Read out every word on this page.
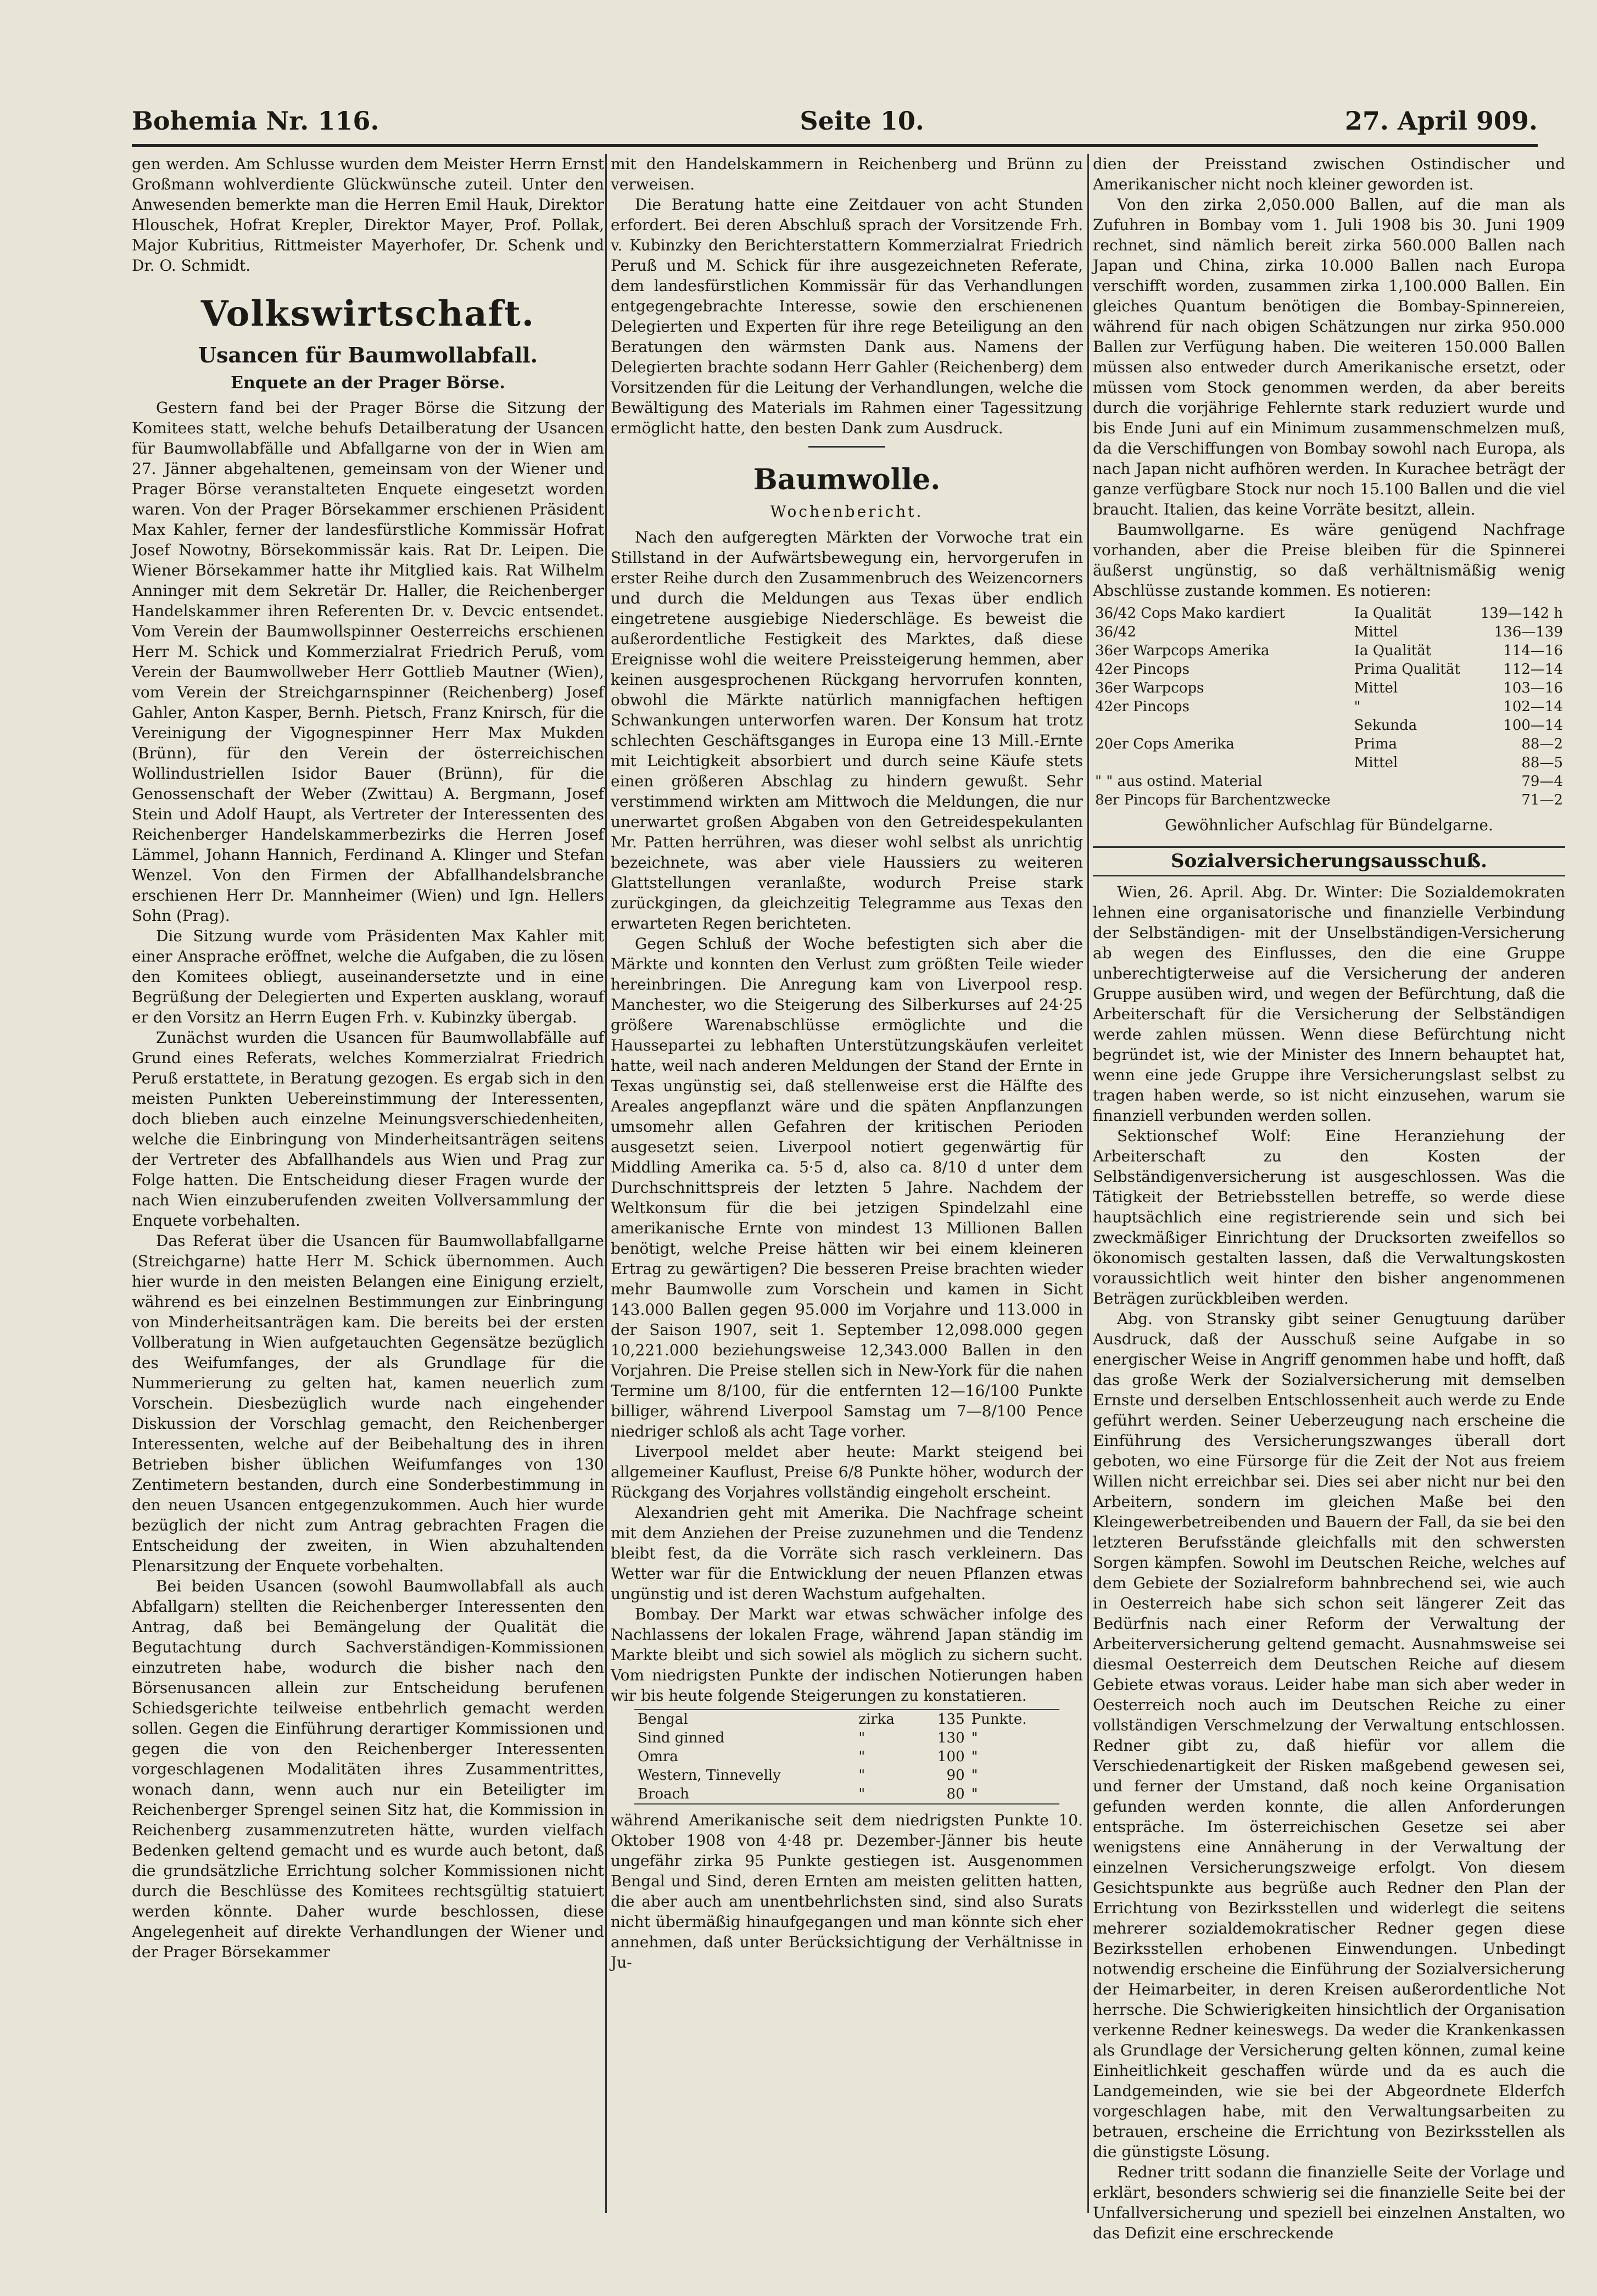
Bohemia Nr. 116.	Seite 10.	27. April 909.

gen werden. Am Schlusse wurden dem Meister Herrn Ernst Großmann wohlverdiente Glückwünsche zuteil. Unter den Anwesenden bemerkte man die Herren Emil Hauk, Direktor Hlouschek, Hofrat Krepler, Direktor Mayer, Prof. Pollak, Major Kubritius, Rittmeister Mayerhofer, Dr. Schenk und Dr. O. Schmidt.

Volkswirtschaft.
Usancen für Baumwollabfall.
Enquete an der Prager Börse.

Gestern fand bei der Prager Börse die Sitzung der Komitees statt, welche behufs Detailberatung der Usancen für Baumwollabfälle und Abfallgarne von der in Wien am 27. Jänner abgehaltenen, gemeinsam von der Wiener und Prager Börse veranstalteten Enquete eingesetzt worden waren. Von der Prager Börsekammer erschienen Präsident Max Kahler, ferner der landesfürstliche Kommissär Hofrat Josef Nowotny, Börsekommissär kais. Rat Dr. Leipen. Die Wiener Börsekammer hatte ihr Mitglied kais. Rat Wilhelm Anninger mit dem Sekretär Dr. Haller, die Reichenberger Handelskammer ihren Referenten Dr. v. Devcic entsendet. Vom Verein der Baumwollspinner Oesterreichs erschienen Herr M. Schick und Kommerzialrat Friedrich Peruß, vom Verein der Baumwollweber Herr Gottlieb Mautner (Wien), vom Verein der Streichgarnspinner (Reichenberg) Josef Gahler, Anton Kasper, Bernh. Pietsch, Franz Knirsch, für die Vereinigung der Vigognespinner Herr Max Mukden (Brünn), für den Verein der österreichischen Wollindustriellen Isidor Bauer (Brünn), für die Genossenschaft der Weber (Zwittau) A. Bergmann, Josef Stein und Adolf Haupt, als Vertreter der Interessenten des Reichenberger Handelskammerbezirks die Herren Josef Lämmel, Johann Hannich, Ferdinand A. Klinger und Stefan Wenzel. Von den Firmen der Abfallhandelsbranche erschienen Herr Dr. Mannheimer (Wien) und Ign. Hellers Sohn (Prag).

Die Sitzung wurde vom Präsidenten Max Kahler mit einer Ansprache eröffnet, welche die Aufgaben, die zu lösen den Komitees obliegt, auseinandersetzte und in eine Begrüßung der Delegierten und Experten ausklang, worauf er den Vorsitz an Herrn Eugen Frh. v. Kubinzky übergab.

Zunächst wurden die Usancen für Baumwollabfälle auf Grund eines Referats, welches Kommerzialrat Friedrich Peruß erstattete, in Beratung gezogen. Es ergab sich in den meisten Punkten Uebereinstimmung der Interessenten, doch blieben auch einzelne Meinungsverschiedenheiten, welche die Einbringung von Minderheitsanträgen seitens der Vertreter des Abfallhandels aus Wien und Prag zur Folge hatten. Die Entscheidung dieser Fragen wurde der nach Wien einzuberufenden zweiten Vollversammlung der Enquete vorbehalten.

Das Referat über die Usancen für Baumwollabfallgarne (Streichgarne) hatte Herr M. Schick übernommen. Auch hier wurde in den meisten Belangen eine Einigung erzielt, während es bei einzelnen Bestimmungen zur Einbringung von Minderheitsanträgen kam. Die bereits bei der ersten Vollberatung in Wien aufgetauchten Gegensätze bezüglich des Weifumfanges, der als Grundlage für die Nummerierung zu gelten hat, kamen neuerlich zum Vorschein. Diesbezüglich wurde nach eingehender Diskussion der Vorschlag gemacht, den Reichenberger Interessenten, welche auf der Beibehaltung des in ihren Betrieben bisher üblichen Weifumfanges von 130 Zentimetern bestanden, durch eine Sonderbestimmung in den neuen Usancen entgegenzukommen. Auch hier wurde bezüglich der nicht zum Antrag gebrachten Fragen die Entscheidung der zweiten, in Wien abzuhaltenden Plenarsitzung der Enquete vorbehalten.

Bei beiden Usancen (sowohl Baumwollabfall als auch Abfallgarn) stellten die Reichenberger Interessenten den Antrag, daß bei Bemängelung der Qualität die Begutachtung durch Sachverständigen-Kommissionen einzutreten habe, wodurch die bisher nach den Börsenusancen allein zur Entscheidung berufenen Schiedsgerichte teilweise entbehrlich gemacht werden sollen. Gegen die Einführung derartiger Kommissionen und gegen die von den Reichenberger Interessenten vorgeschlagenen Modalitäten ihres Zusammentrittes, wonach dann, wenn auch nur ein Beteiligter im Reichenberger Sprengel seinen Sitz hat, die Kommission in Reichenberg zusammenzutreten hätte, wurden vielfach Bedenken geltend gemacht und es wurde auch betont, daß die grundsätzliche Errichtung solcher Kommissionen nicht durch die Beschlüsse des Komitees rechtsgültig statuiert werden könnte. Daher wurde beschlossen, diese Angelegenheit auf direkte Verhandlungen der Wiener und der Prager Börsekammer

mit den Handelskammern in Reichenberg und Brünn zu verweisen.

Die Beratung hatte eine Zeitdauer von acht Stunden erfordert. Bei deren Abschluß sprach der Vorsitzende Frh. v. Kubinzky den Berichterstattern Kommerzialrat Friedrich Peruß und M. Schick für ihre ausgezeichneten Referate, dem landesfürstlichen Kommissär für das Verhandlungen entgegengebrachte Interesse, sowie den erschienenen Delegierten und Experten für ihre rege Beteiligung an den Beratungen den wärmsten Dank aus. Namens der Delegierten brachte sodann Herr Gahler (Reichenberg) dem Vorsitzenden für die Leitung der Verhandlungen, welche die Bewältigung des Materials im Rahmen einer Tagessitzung ermöglicht hatte, den besten Dank zum Ausdruck.

Baumwolle.
Wochenbericht.

Nach den aufgeregten Märkten der Vorwoche trat ein Stillstand in der Aufwärtsbewegung ein, hervorgerufen in erster Reihe durch den Zusammenbruch des Weizencorners und durch die Meldungen aus Texas über endlich eingetretene ausgiebige Niederschläge. Es beweist die außerordentliche Festigkeit des Marktes, daß diese Ereignisse wohl die weitere Preissteigerung hemmen, aber keinen ausgesprochenen Rückgang hervorrufen konnten, obwohl die Märkte natürlich mannigfachen heftigen Schwankungen unterworfen waren. Der Konsum hat trotz schlechten Geschäftsganges in Europa eine 13 Mill.-Ernte mit Leichtigkeit absorbiert und durch seine Käufe stets einen größeren Abschlag zu hindern gewußt. Sehr verstimmend wirkten am Mittwoch die Meldungen, die nur unerwartet großen Abgaben von den Getreidespekulanten Mr. Patten herrühren, was dieser wohl selbst als unrichtig bezeichnete, was aber viele Haussiers zu weiteren Glattstellungen veranlaßte, wodurch Preise stark zurückgingen, da gleichzeitig Telegramme aus Texas den erwarteten Regen berichteten.

Gegen Schluß der Woche befestigten sich aber die Märkte und konnten den Verlust zum größten Teile wieder hereinbringen. Die Anregung kam von Liverpool resp. Manchester, wo die Steigerung des Silberkurses auf 24·25 größere Warenabschlüsse ermöglichte und die Haussepartei zu lebhaften Unterstützungskäufen verleitet hatte, weil nach anderen Meldungen der Stand der Ernte in Texas ungünstig sei, daß stellenweise erst die Hälfte des Areales angepflanzt wäre und die späten Anpflanzungen umsomehr allen Gefahren der kritischen Perioden ausgesetzt seien. Liverpool notiert gegenwärtig für Middling Amerika ca. 5·5 d, also ca. 8/10 d unter dem Durchschnittspreis der letzten 5 Jahre. Nachdem der Weltkonsum für die bei jetzigen Spindelzahl eine amerikanische Ernte von mindest 13 Millionen Ballen benötigt, welche Preise hätten wir bei einem kleineren Ertrag zu gewärtigen? Die besseren Preise brachten wieder mehr Baumwolle zum Vorschein und kamen in Sicht 143.000 Ballen gegen 95.000 im Vorjahre und 113.000 in der Saison 1907, seit 1. September 12,098.000 gegen 10,221.000 beziehungsweise 12,343.000 Ballen in den Vorjahren. Die Preise stellen sich in New-York für die nahen Termine um 8/100, für die entfernten 12—16/100 Punkte billiger, während Liverpool Samstag um 7—8/100 Pence niedriger schloß als acht Tage vorher.

Liverpool meldet aber heute: Markt steigend bei allgemeiner Kauflust, Preise 6/8 Punkte höher, wodurch der Rückgang des Vorjahres vollständig eingeholt erscheint.

Alexandrien geht mit Amerika. Die Nachfrage scheint mit dem Anziehen der Preise zuzunehmen und die Tendenz bleibt fest, da die Vorräte sich rasch verkleinern. Das Wetter war für die Entwicklung der neuen Pflanzen etwas ungünstig und ist deren Wachstum aufgehalten.

Bombay. Der Markt war etwas schwächer infolge des Nachlassens der lokalen Frage, während Japan ständig im Markte bleibt und sich sowiel als möglich zu sichern sucht. Vom niedrigsten Punkte der indischen Notierungen haben wir bis heute folgende Steigerungen zu konstatieren.

Bengal	zirka	135	Punkte.
Sind ginned	"	130	"
Omra	"	100	"
Western, Tinnevelly	"	90	"
Broach	"	80	"

während Amerikanische seit dem niedrigsten Punkte 10. Oktober 1908 von 4·48 pr. Dezember-Jänner bis heute ungefähr zirka 95 Punkte gestiegen ist. Ausgenommen Bengal und Sind, deren Ernten am meisten gelitten hatten, die aber auch am unentbehrlichsten sind, sind also Surats nicht übermäßig hinaufgegangen und man könnte sich eher annehmen, daß unter Berücksichtigung der Verhältnisse in Ju-

dien der Preisstand zwischen Ostindischer und Amerikanischer nicht noch kleiner geworden ist.

Von den zirka 2,050.000 Ballen, auf die man als Zufuhren in Bombay vom 1. Juli 1908 bis 30. Juni 1909 rechnet, sind nämlich bereit zirka 560.000 Ballen nach Japan und China, zirka 10.000 Ballen nach Europa verschifft worden, zusammen zirka 1,100.000 Ballen. Ein gleiches Quantum benötigen die Bombay-Spinnereien, während für nach obigen Schätzungen nur zirka 950.000 Ballen zur Verfügung haben. Die weiteren 150.000 Ballen müssen also entweder durch Amerikanische ersetzt, oder müssen vom Stock genommen werden, da aber bereits durch die vorjährige Fehlernte stark reduziert wurde und bis Ende Juni auf ein Minimum zusammenschmelzen muß, da die Verschiffungen von Bombay sowohl nach Europa, als nach Japan nicht aufhören werden. In Kurachee beträgt der ganze verfügbare Stock nur noch 15.100 Ballen und die viel braucht. Italien, das keine Vorräte besitzt, allein.

Baumwollgarne. Es wäre genügend Nachfrage vorhanden, aber die Preise bleiben für die Spinnerei äußerst ungünstig, so daß verhältnismäßig wenig Abschlüsse zustande kommen. Es notieren:

36/42 Cops Mako kardiert	Ia Qualität	139—142 h
36/42	Mittel	136—139
36er Warpcops Amerika	Ia Qualität	114—16
42er Pincops	Prima Qualität	112—14
36er Warpcops	Mittel	103—16
42er Pincops	"	102—14
	Sekunda	100—14
20er Cops Amerika	Prima	88—2
	Mittel	88—5
" " aus ostind. Material		79—4
8er Pincops für Barchentzwecke		71—2
Gewöhnlicher Aufschlag für Bündelgarne.
Sozialversicherungsausschuß.

Wien, 26. April. Abg. Dr. Winter: Die Sozialdemokraten lehnen eine organisatorische und finanzielle Verbindung der Selbständigen- mit der Unselbständigen-Versicherung ab wegen des Einflusses, den die eine Gruppe unberechtigterweise auf die Versicherung der anderen Gruppe ausüben wird, und wegen der Befürchtung, daß die Arbeiterschaft für die Versicherung der Selbständigen werde zahlen müssen. Wenn diese Befürchtung nicht begründet ist, wie der Minister des Innern behauptet hat, wenn eine jede Gruppe ihre Versicherungslast selbst zu tragen haben werde, so ist nicht einzusehen, warum sie finanziell verbunden werden sollen.

Sektionschef Wolf: Eine Heranziehung der Arbeiterschaft zu den Kosten der Selbständigenversicherung ist ausgeschlossen. Was die Tätigkeit der Betriebsstellen betreffe, so werde diese hauptsächlich eine registrierende sein und sich bei zweckmäßiger Einrichtung der Drucksorten zweifellos so ökonomisch gestalten lassen, daß die Verwaltungskosten voraussichtlich weit hinter den bisher angenommenen Beträgen zurückbleiben werden.

Abg. von Stransky gibt seiner Genugtuung darüber Ausdruck, daß der Ausschuß seine Aufgabe in so energischer Weise in Angriff genommen habe und hofft, daß das große Werk der Sozialversicherung mit demselben Ernste und derselben Entschlossenheit auch werde zu Ende geführt werden. Seiner Ueberzeugung nach erscheine die Einführung des Versicherungszwanges überall dort geboten, wo eine Fürsorge für die Zeit der Not aus freiem Willen nicht erreichbar sei. Dies sei aber nicht nur bei den Arbeitern, sondern im gleichen Maße bei den Kleingewerbetreibenden und Bauern der Fall, da sie bei den letzteren Berufsstände gleichfalls mit den schwersten Sorgen kämpfen. Sowohl im Deutschen Reiche, welches auf dem Gebiete der Sozialreform bahnbrechend sei, wie auch in Oesterreich habe sich schon seit längerer Zeit das Bedürfnis nach einer Reform der Verwaltung der Arbeiterversicherung geltend gemacht. Ausnahmsweise sei diesmal Oesterreich dem Deutschen Reiche auf diesem Gebiete etwas voraus. Leider habe man sich aber weder in Oesterreich noch auch im Deutschen Reiche zu einer vollständigen Verschmelzung der Verwaltung entschlossen. Redner gibt zu, daß hiefür vor allem die Verschiedenartigkeit der Risken maßgebend gewesen sei, und ferner der Umstand, daß noch keine Organisation gefunden werden konnte, die allen Anforderungen entspräche. Im österreichischen Gesetze sei aber wenigstens eine Annäherung in der Verwaltung der einzelnen Versicherungszweige erfolgt. Von diesem Gesichtspunkte aus begrüße auch Redner den Plan der Errichtung von Bezirksstellen und widerlegt die seitens mehrerer sozialdemokratischer Redner gegen diese Bezirksstellen erhobenen Einwendungen. Unbedingt notwendig erscheine die Einführung der Sozialversicherung der Heimarbeiter, in deren Kreisen außerordentliche Not herrsche. Die Schwierigkeiten hinsichtlich der Organisation verkenne Redner keineswegs. Da weder die Krankenkassen als Grundlage der Versicherung gelten können, zumal keine Einheitlichkeit geschaffen würde und da es auch die Landgemeinden, wie sie bei der Abgeordnete Elderfch vorgeschlagen habe, mit den Verwaltungsarbeiten zu betrauen, erscheine die Errichtung von Bezirksstellen als die günstigste Lösung.

Redner tritt sodann die finanzielle Seite der Vorlage und erklärt, besonders schwierig sei die finanzielle Seite bei der Unfallversicherung und speziell bei einzelnen Anstalten, wo das Defizit eine erschreckende
